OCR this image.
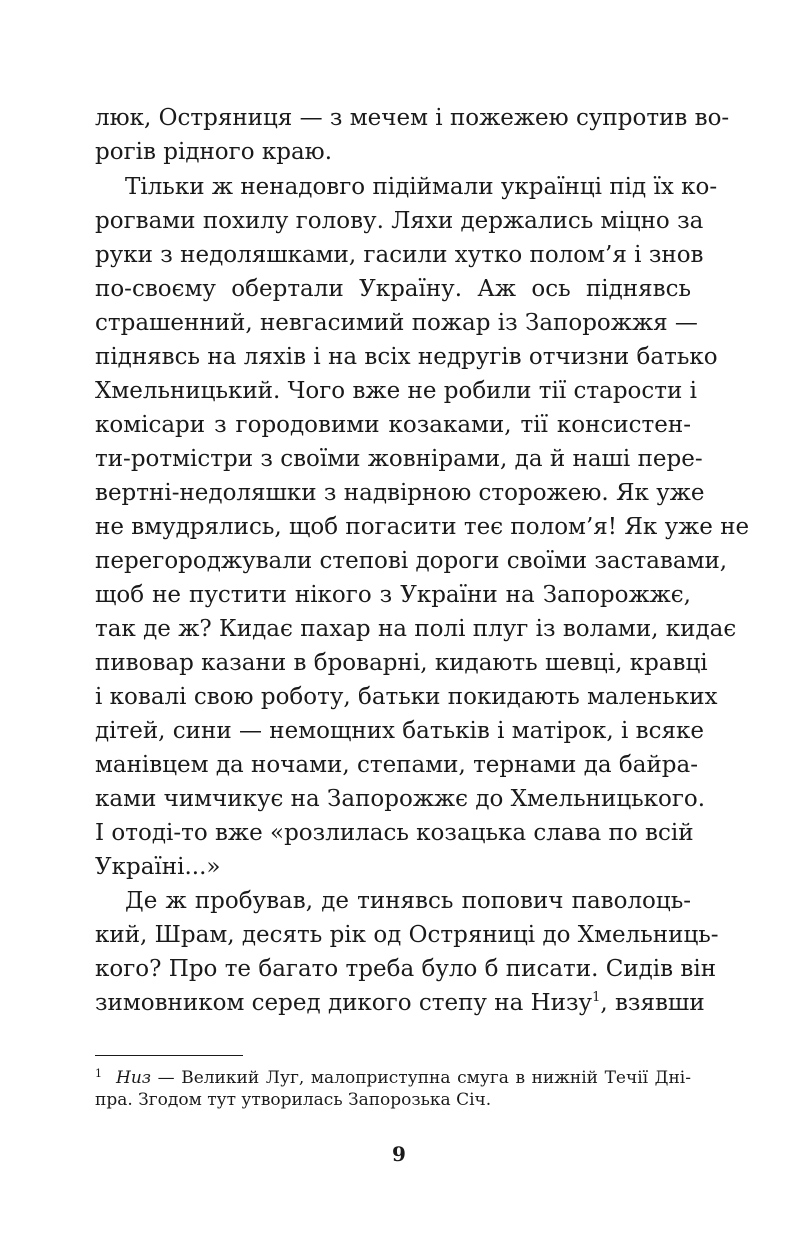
люк, Остряниця — з мечем і пожежею супротив во-
рогів рідного краю.
Тільки ж ненадовго підіймали українці під їх ко-
рогвами похилу голову. Ляхи держались міцно за
руки з недоляшками, гасили хутко полом’я і знов
по-своєму обертали Україну. Аж ось піднявсь
страшенний, невгасимий пожар із Запорожжя —
піднявсь на ляхів і на всіх недругів отчизни батько
Хмельницький. Чого вже не робили тії старости і
комісари з городовими козаками, тії консистен-
ти-ротмістри з своїми жовнірами, да й наші пере-
вертні-недоляшки з надвірною сторожею. Як уже
не вмудрялись, щоб погасити теє полом’я! Як уже не
перегороджували степові дороги своїми заставами,
щоб не пустити нікого з України на Запорожжє,
так де ж? Кидає пахар на полі плуг із волами, кидає
пивовар казани в броварні, кидають шевці, кравці
і ковалі свою роботу, батьки покидають маленьких
дітей, сини — немощних батьків і матірок, і всяке
манівцем да ночами, степами, тернами да байра-
ками чимчикує на Запорожжє до Хмельницького.
І отоді-то вже «розлилась козацька слава по всій
Україні...»
Де ж пробував, де тинявсь попович паволоць-
кий, Шрам, десять рік од Остряниці до Хмельниць-
кого? Про те багато треба було б писати. Сидів він
зимовником серед дикого степу на Низу$^1$, взявши
$^1$ Низ — Великий Луг, малоприступна смуга в нижній Течії Дні-
пра. Згодом тут утворилась Запорозька Січ.
9
